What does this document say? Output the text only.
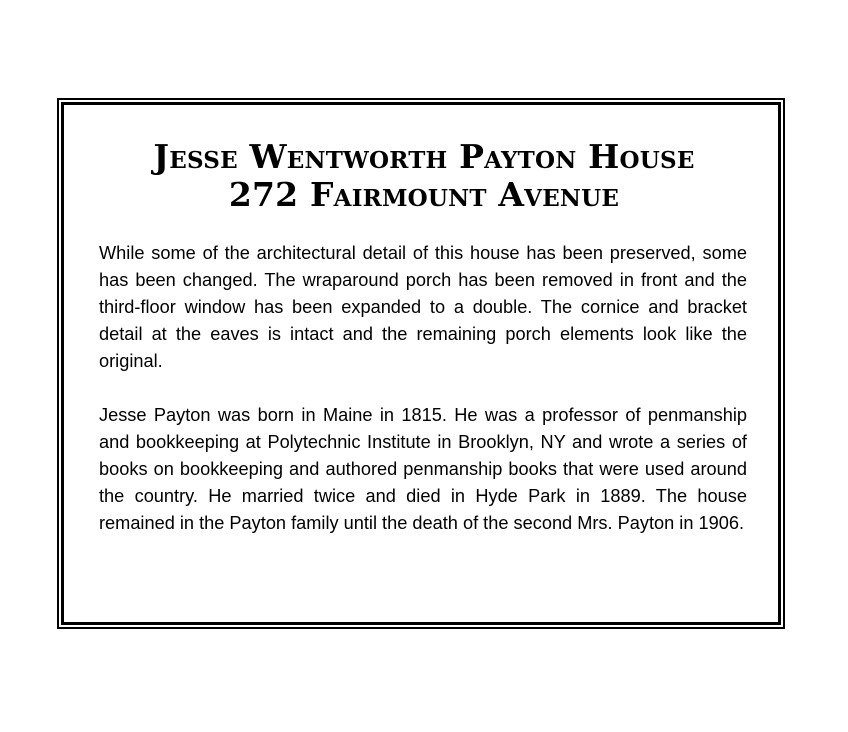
Jesse Wentworth Payton House
272 Fairmount Avenue

While some of the architectural detail of this house has been preserved, some has been changed. The wraparound porch has been removed in front and the third-floor window has been expanded to a double. The cornice and bracket detail at the eaves is intact and the remaining porch elements look like the original.

Jesse Payton was born in Maine in 1815. He was a professor of penmanship and bookkeeping at Polytechnic Institute in Brooklyn, NY and wrote a series of books on bookkeeping and authored penmanship books that were used around the country. He married twice and died in Hyde Park in 1889. The house remained in the Payton family until the death of the second Mrs. Payton in 1906.
